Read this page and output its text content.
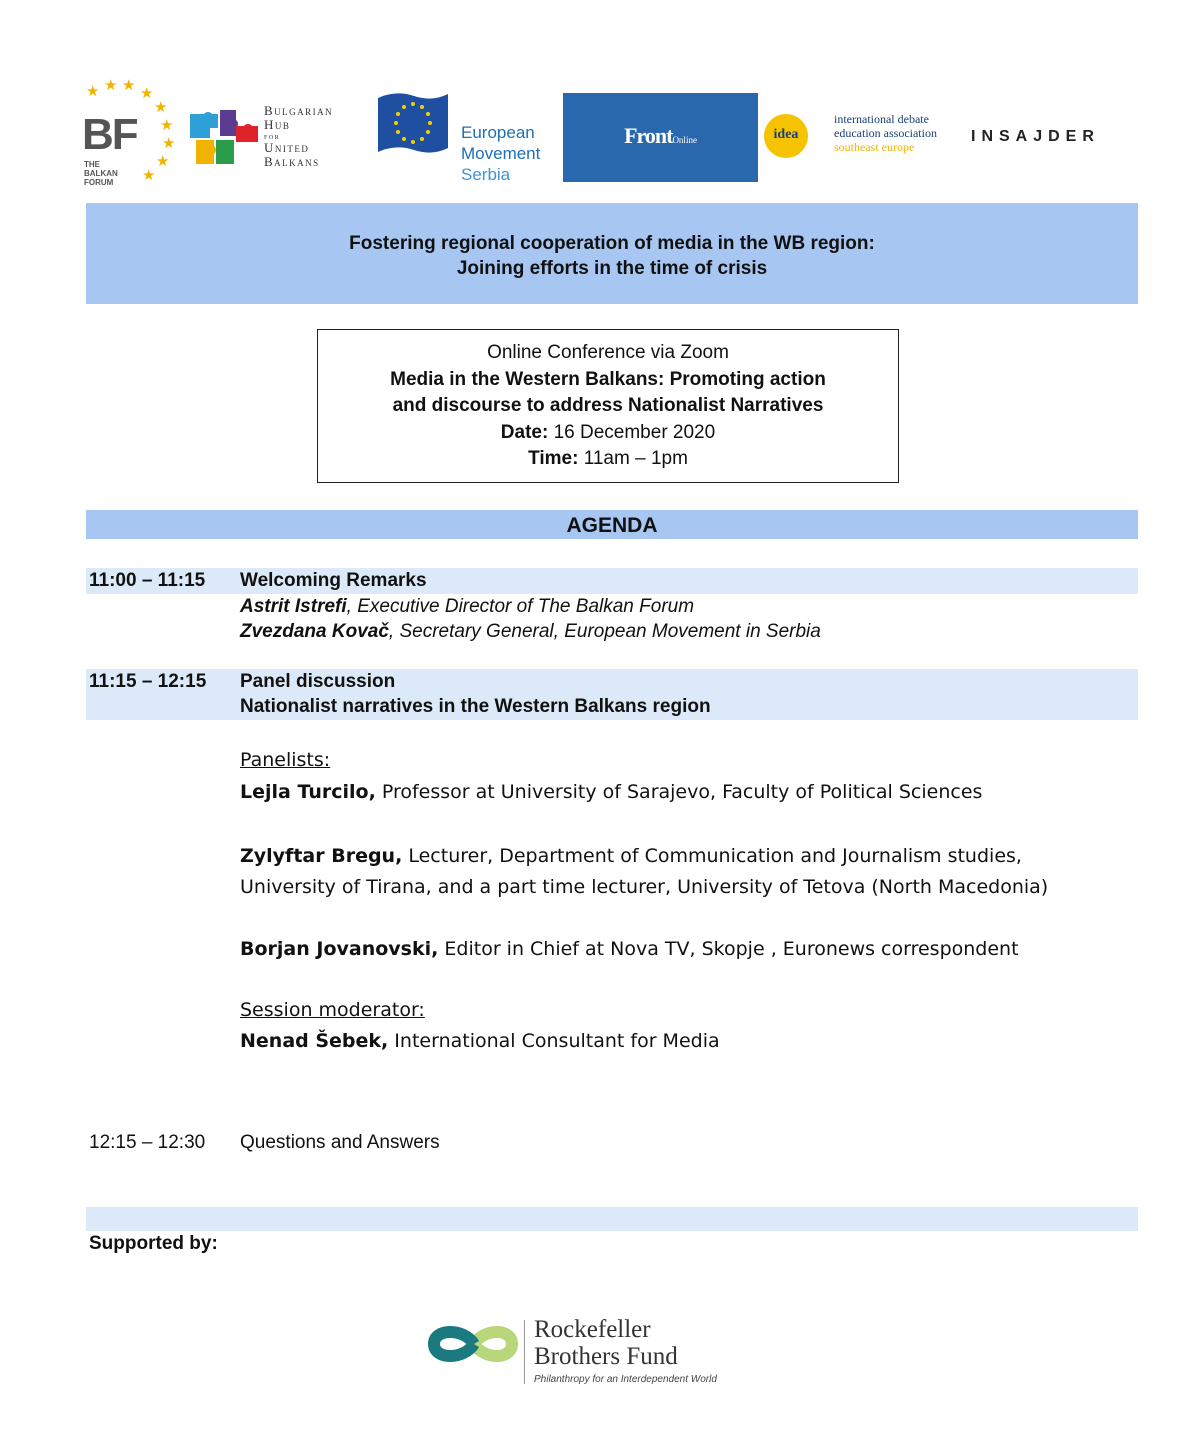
★ ★ ★ ★
★
★
★
★
★
BF
THE BALKAN FORUM
Bulgarian
Hub
for
United
Balkans
European
Movement
Serbia
FrontOnline	idea
international debate
education association
southeast europe
INSAJDER
Fostering regional cooperation of media in the WB region:
Joining efforts in the time of crisis
Online Conference via Zoom
Media in the Western Balkans: Promoting action
and discourse to address Nationalist Narratives
Date: 16 December 2020
Time: 11am – 1pm
AGENDA
11:00 – 11:15 Welcoming Remarks
Astrit Istrefi, Executive Director of The Balkan Forum
Zvezdana Kovač, Secretary General, European Movement in Serbia
11:15 – 12:15 Panel discussion
Nationalist narratives in the Western Balkans region
Panelists:
Lejla Turcilo, Professor at University of Sarajevo, Faculty of Political Sciences
Zylyftar Bregu, Lecturer, Department of Communication and Journalism studies,
University of Tirana, and a part time lecturer, University of Tetova (North Macedonia)
Borjan Jovanovski, Editor in Chief at Nova TV, Skopje , Euronews correspondent
Session moderator:
Nenad Šebek, International Consultant for Media
12:15 – 12:30 Questions and Answers
Supported by:
Rockefeller
Brothers Fund
Philanthropy for an Interdependent World
